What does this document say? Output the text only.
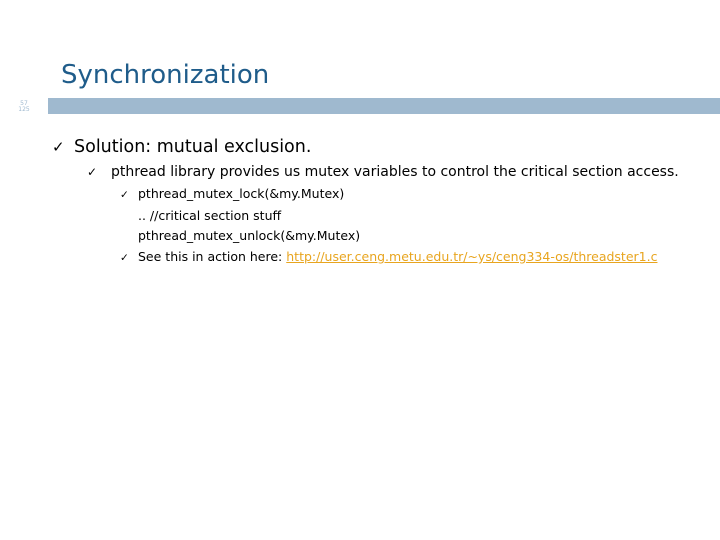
Synchronization
57
125
✓ Solution: mutual exclusion.
✓ pthread library provides us mutex variables to control the critical section access.
✓ pthread_mutex_lock(&my.Mutex)
.. //critical section stuff
pthread_mutex_unlock(&my.Mutex)
✓ See this in action here: http://user.ceng.metu.edu.tr/~ys/ceng334-os/threadster1.c
